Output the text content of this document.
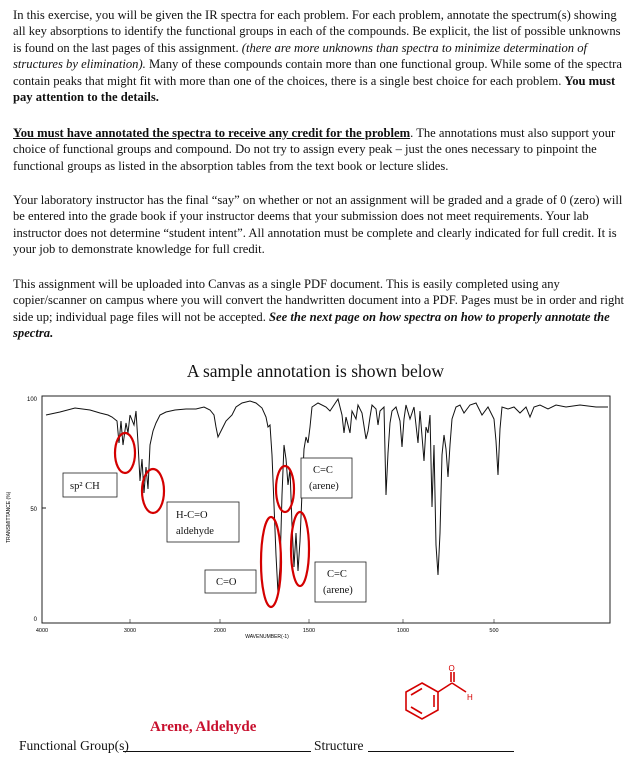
In this exercise, you will be given the IR spectra for each problem. For each problem, annotate the spectrum(s) showing all key absorptions to identify the functional groups in each of the compounds. Be explicit, the list of possible unknowns is found on the last pages of this assignment. (there are more unknowns than spectra to minimize determination of structures by elimination). Many of these compounds contain more than one functional group. While some of the spectra contain peaks that might fit with more than one of the choices, there is a single best choice for each problem. You must pay attention to the details.
You must have annotated the spectra to receive any credit for the problem. The annotations must also support your choice of functional groups and compound. Do not try to assign every peak – just the ones necessary to pinpoint the functional groups as listed in the absorption tables from the text book or lecture slides.
Your laboratory instructor has the final “say” on whether or not an assignment will be graded and a grade of 0 (zero) will be entered into the grade book if your instructor deems that your submission does not meet requirements. Your lab instructor does not determine “student intent”. All annotation must be complete and clearly indicated for full credit. It is your job to demonstrate knowledge for full credit.
This assignment will be uploaded into Canvas as a single PDF document. This is easily completed using any copier/scanner on campus where you will convert the handwritten document into a PDF. Pages must be in order and right side up; individual page files will not be accepted. See the next page on how spectra on how to properly annotate the spectra.
A sample annotation is shown below
100
50
0
TRANSMITTANCE (%)
4000	3000	2000	1500	1000	500
WAVENUMBER(-1)
sp² CH
H-C=O
aldehyde
C=O
C=C
(arene)
C=C
(arene)
Arene, Aldehyde
Functional Group(s)	Structure
O
H
